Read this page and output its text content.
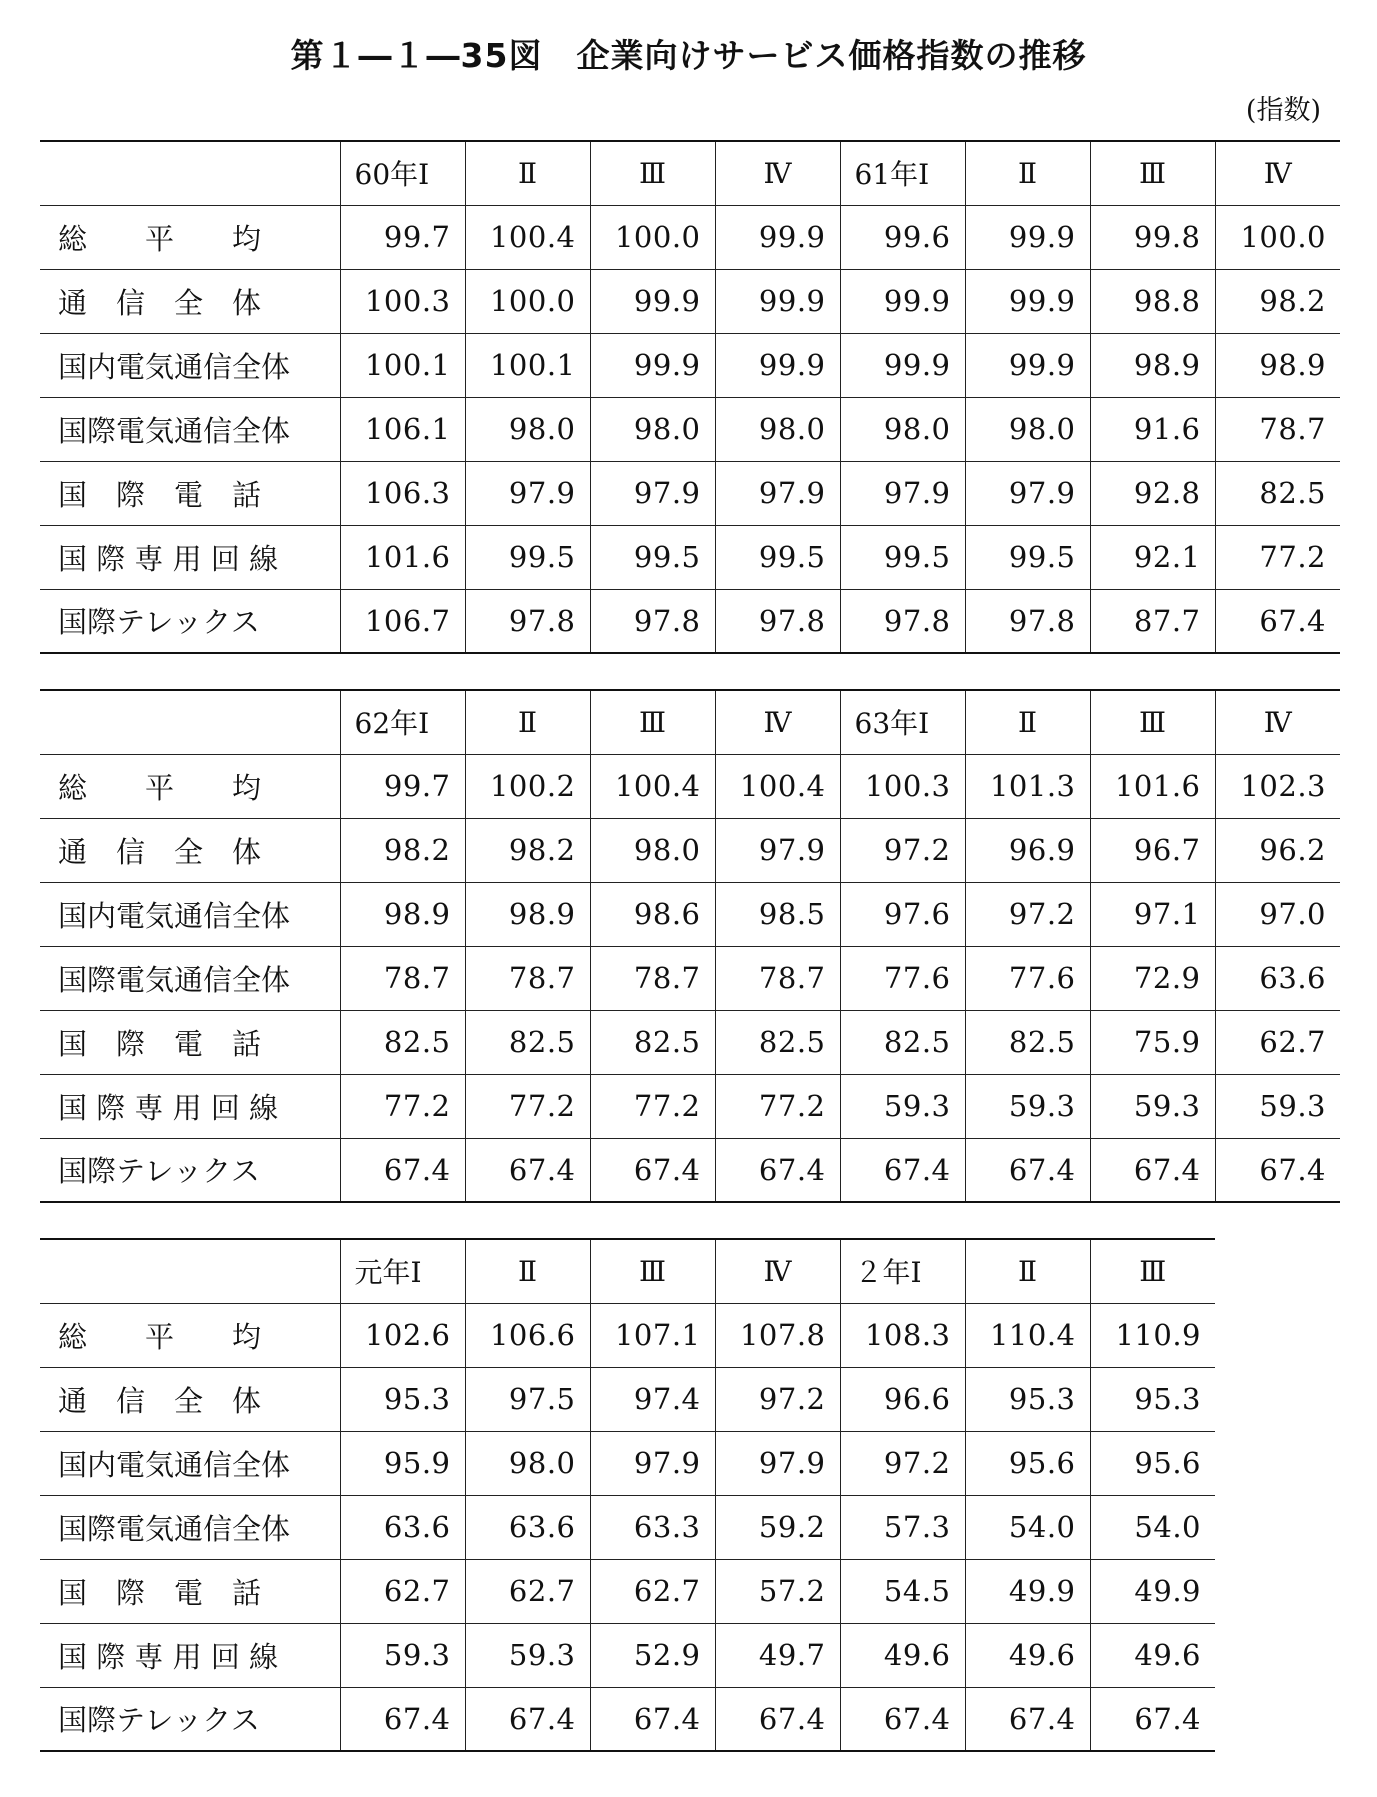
第１―１―35図　企業向けサービス価格指数の推移
(指数)
	60年Ⅰ	Ⅱ	Ⅲ	Ⅳ	61年Ⅰ	Ⅱ	Ⅲ	Ⅳ
総　　平　　均	99.7	100.4	100.0	99.9	99.6	99.9	99.8	100.0
通　信　全　体	100.3	100.0	99.9	99.9	99.9	99.9	98.8	98.2
国内電気通信全体	100.1	100.1	99.9	99.9	99.9	99.9	98.9	98.9
国際電気通信全体	106.1	98.0	98.0	98.0	98.0	98.0	91.6	78.7
国　際　電　話	106.3	97.9	97.9	97.9	97.9	97.9	92.8	82.5
国 際 専 用 回 線	101.6	99.5	99.5	99.5	99.5	99.5	92.1	77.2
国際テレックス	106.7	97.8	97.8	97.8	97.8	97.8	87.7	67.4
	62年Ⅰ	Ⅱ	Ⅲ	Ⅳ	63年Ⅰ	Ⅱ	Ⅲ	Ⅳ
総　　平　　均	99.7	100.2	100.4	100.4	100.3	101.3	101.6	102.3
通　信　全　体	98.2	98.2	98.0	97.9	97.2	96.9	96.7	96.2
国内電気通信全体	98.9	98.9	98.6	98.5	97.6	97.2	97.1	97.0
国際電気通信全体	78.7	78.7	78.7	78.7	77.6	77.6	72.9	63.6
国　際　電　話	82.5	82.5	82.5	82.5	82.5	82.5	75.9	62.7
国 際 専 用 回 線	77.2	77.2	77.2	77.2	59.3	59.3	59.3	59.3
国際テレックス	67.4	67.4	67.4	67.4	67.4	67.4	67.4	67.4
	元年Ⅰ	Ⅱ	Ⅲ	Ⅳ	２年Ⅰ	Ⅱ	Ⅲ
総　　平　　均	102.6	106.6	107.1	107.8	108.3	110.4	110.9
通　信　全　体	95.3	97.5	97.4	97.2	96.6	95.3	95.3
国内電気通信全体	95.9	98.0	97.9	97.9	97.2	95.6	95.6
国際電気通信全体	63.6	63.6	63.3	59.2	57.3	54.0	54.0
国　際　電　話	62.7	62.7	62.7	57.2	54.5	49.9	49.9
国 際 専 用 回 線	59.3	59.3	52.9	49.7	49.6	49.6	49.6
国際テレックス	67.4	67.4	67.4	67.4	67.4	67.4	67.4
